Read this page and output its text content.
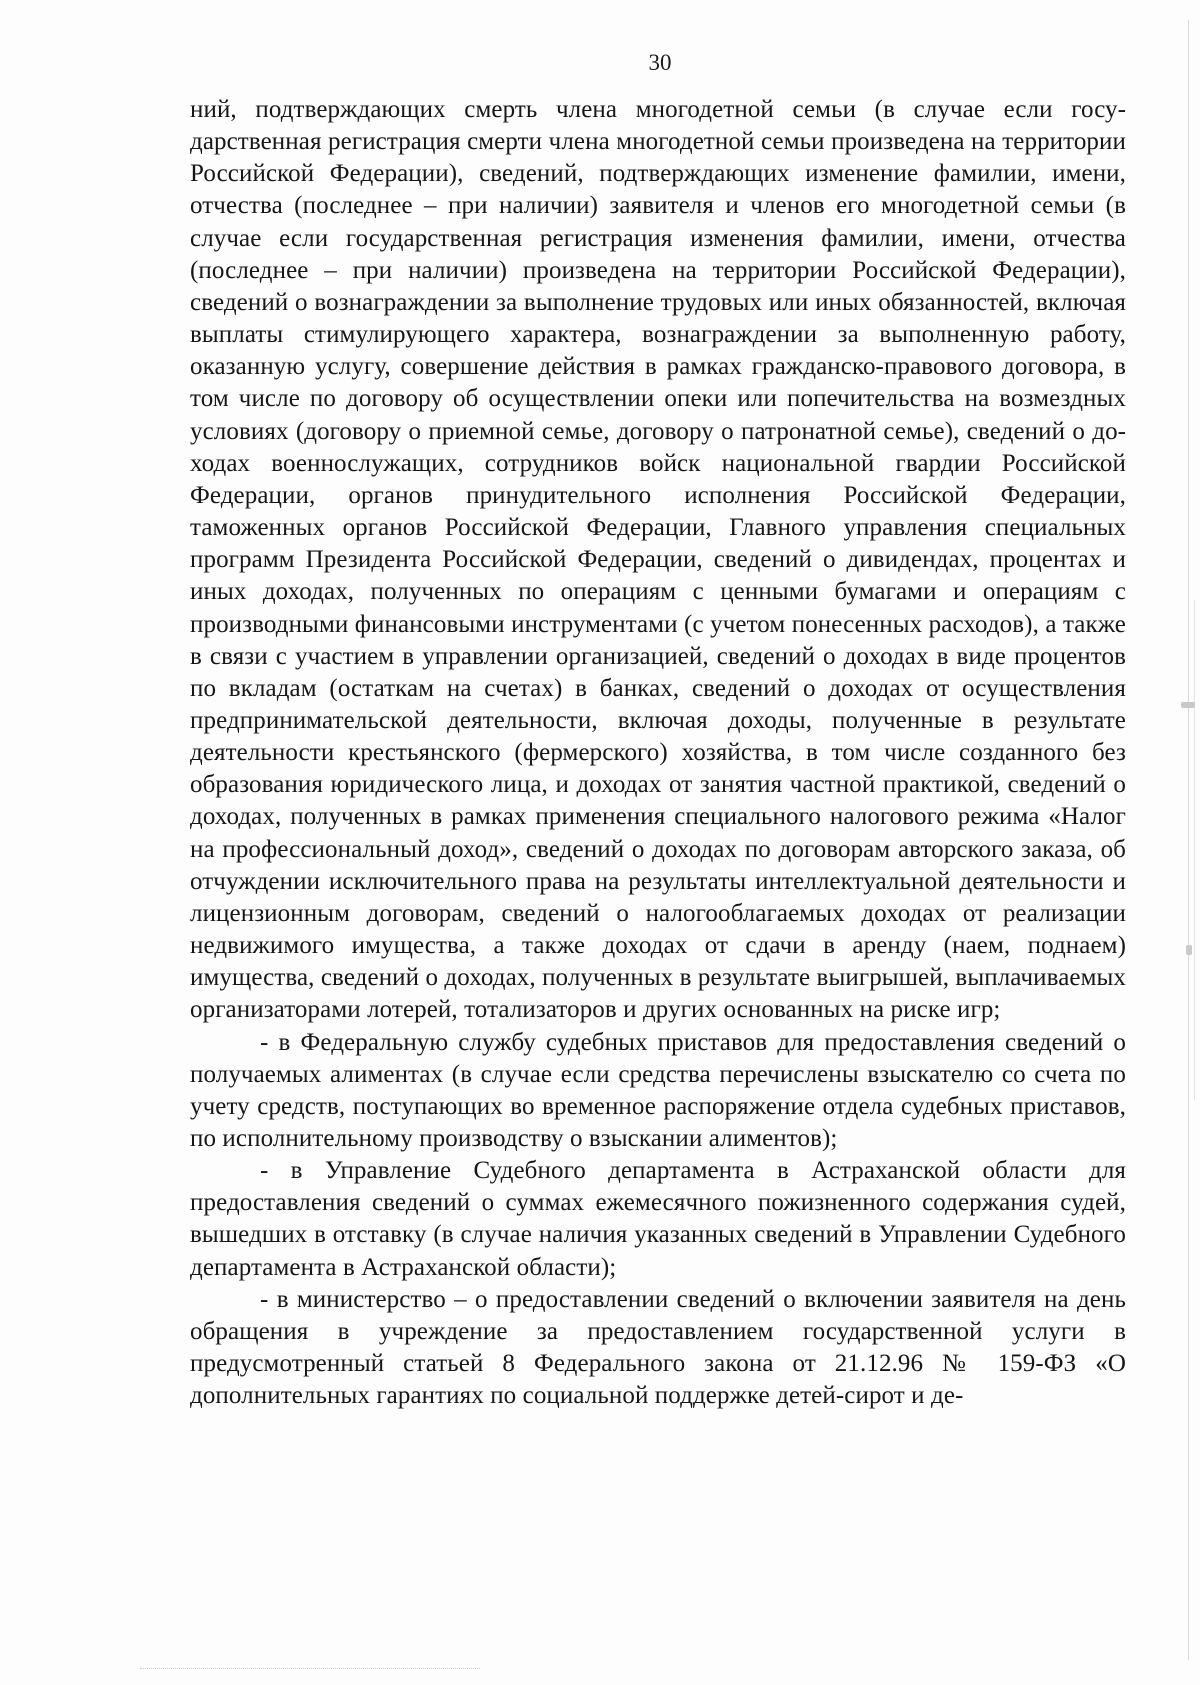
30

ний, подтверждающих смерть члена многодетной семьи (в случае если государственная регистрация смерти члена многодетной семьи произведена на территории Российской Федерации), сведений, подтверждающих изменение фамилии, имени, отчества (последнее – при наличии) заявителя и членов его многодетной семьи (в случае если государственная регистрация изменения фамилии, имени, отчества (последнее – при наличии) произведена на территории Российской Федерации), сведений о вознаграждении за выполнение трудовых или иных обязанностей, включая выплаты стимулирующего характера, вознаграждении за выполненную работу, оказанную услугу, совершение действия в рамках гражданско-правового договора, в том числе по договору об осуществлении опеки или попечительства на возмездных условиях (договору о приемной семье, договору о патронатной семье), сведений о доходах военнослужащих, сотрудников войск национальной гвардии Российской Федерации, органов принудительного исполнения Российской Федерации, таможенных органов Российской Федерации, Главного управления специальных программ Президента Российской Федерации, сведений о дивидендах, процентах и иных доходах, полученных по операциям с ценными бумагами и операциям с производными финансовыми инструментами (с учетом понесенных расходов), а также в связи с участием в управлении организацией, сведений о доходах в виде процентов по вкладам (остаткам на счетах) в банках, сведений о доходах от осуществления предпринимательской деятельности, включая доходы, полученные в результате деятельности крестьянского (фермерского) хозяйства, в том числе созданного без образования юридического лица, и доходах от занятия частной практикой, сведений о доходах, полученных в рамках применения специального налогового режима «Налог на профессиональный доход», сведений о доходах по договорам авторского заказа, об отчуждении исключительного права на результаты интеллектуальной деятельности и лицензионным договорам, сведений о налогооблагаемых доходах от реализации недвижимого имущества, а также доходах от сдачи в аренду (наем, поднаем) имущества, сведений о доходах, полученных в результате выигрышей, выплачиваемых организаторами лотерей, тотализаторов и других основанных на риске игр;

- в Федеральную службу судебных приставов для предоставления сведений о получаемых алиментах (в случае если средства перечислены взыскателю со счета по учету средств, поступающих во временное распоряжение отдела судебных приставов, по исполнительному производству о взыскании алиментов);

- в Управление Судебного департамента в Астраханской области для предоставления сведений о суммах ежемесячного пожизненного содержания судей, вышедших в отставку (в случае наличия указанных сведений в Управлении Судебного департамента в Астраханской области);

- в министерство – о предоставлении сведений о включении заявителя на день обращения в учреждение за предоставлением государственной услуги в предусмотренный статьей 8 Федерального закона от 21.12.96 № 159-ФЗ «О дополнительных гарантиях по социальной поддержке детей-сирот и де-
